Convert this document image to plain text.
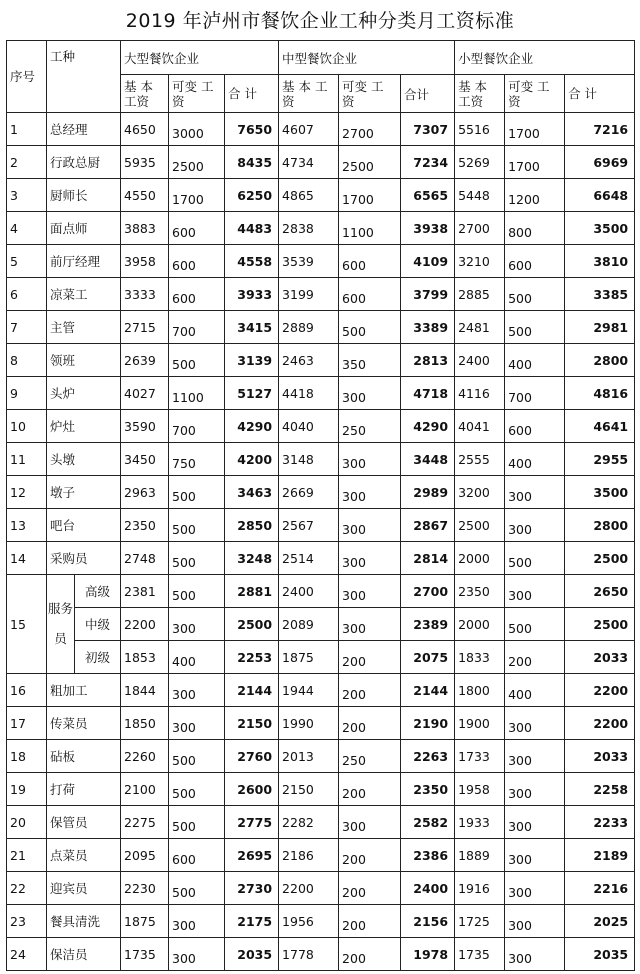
2019 年泸州市餐饮企业工种分类月工资标准
序号	工种		大型餐饮企业			中型餐饮企业			小型餐饮企业		
			基 本 工资	可变 工资	合 计	基 本 工资	可变 工 资	合计	基 本 工资	可变 工资	合 计
1	总经理		4650	3000	7650	4607	2700	7307	5516	1700	7216
2	行政总厨		5935	2500	8435	4734	2500	7234	5269	1700	6969
3	厨师长		4550	1700	6250	4865	1700	6565	5448	1200	6648
4	面点师		3883	600	4483	2838	1100	3938	2700	800	3500
5	前厅经理		3958	600	4558	3539	600	4109	3210	600	3810
6	凉菜工		3333	600	3933	3199	600	3799	2885	500	3385
7	主管		2715	700	3415	2889	500	3389	2481	500	2981
8	领班		2639	500	3139	2463	350	2813	2400	400	2800
9	头炉		4027	1100	5127	4418	300	4718	4116	700	4816
10	炉灶		3590	700	4290	4040	250	4290	4041	600	4641
11	头墩		3450	750	4200	3148	300	3448	2555	400	2955
12	墩子		2963	500	3463	2669	300	2989	3200	300	3500
13	吧台		2350	500	2850	2567	300	2867	2500	300	2800
14	采购员		2748	500	3248	2514	300	2814	2000	500	2500
15	服务员	高级	2381	500	2881	2400	300	2700	2350	300	2650
		中级	2200	300	2500	2089	300	2389	2000	500	2500
		初级	1853	400	2253	1875	200	2075	1833	200	2033
16	粗加工		1844	300	2144	1944	200	2144	1800	400	2200
17	传菜员		1850	300	2150	1990	200	2190	1900	300	2200
18	砧板		2260	500	2760	2013	250	2263	1733	300	2033
19	打荷		2100	500	2600	2150	200	2350	1958	300	2258
20	保管员		2275	500	2775	2282	300	2582	1933	300	2233
21	点菜员		2095	600	2695	2186	200	2386	1889	300	2189
22	迎宾员		2230	500	2730	2200	200	2400	1916	300	2216
23	餐具清洗		1875	300	2175	1956	200	2156	1725	300	2025
24	保洁员		1735	300	2035	1778	200	1978	1735	300	2035
